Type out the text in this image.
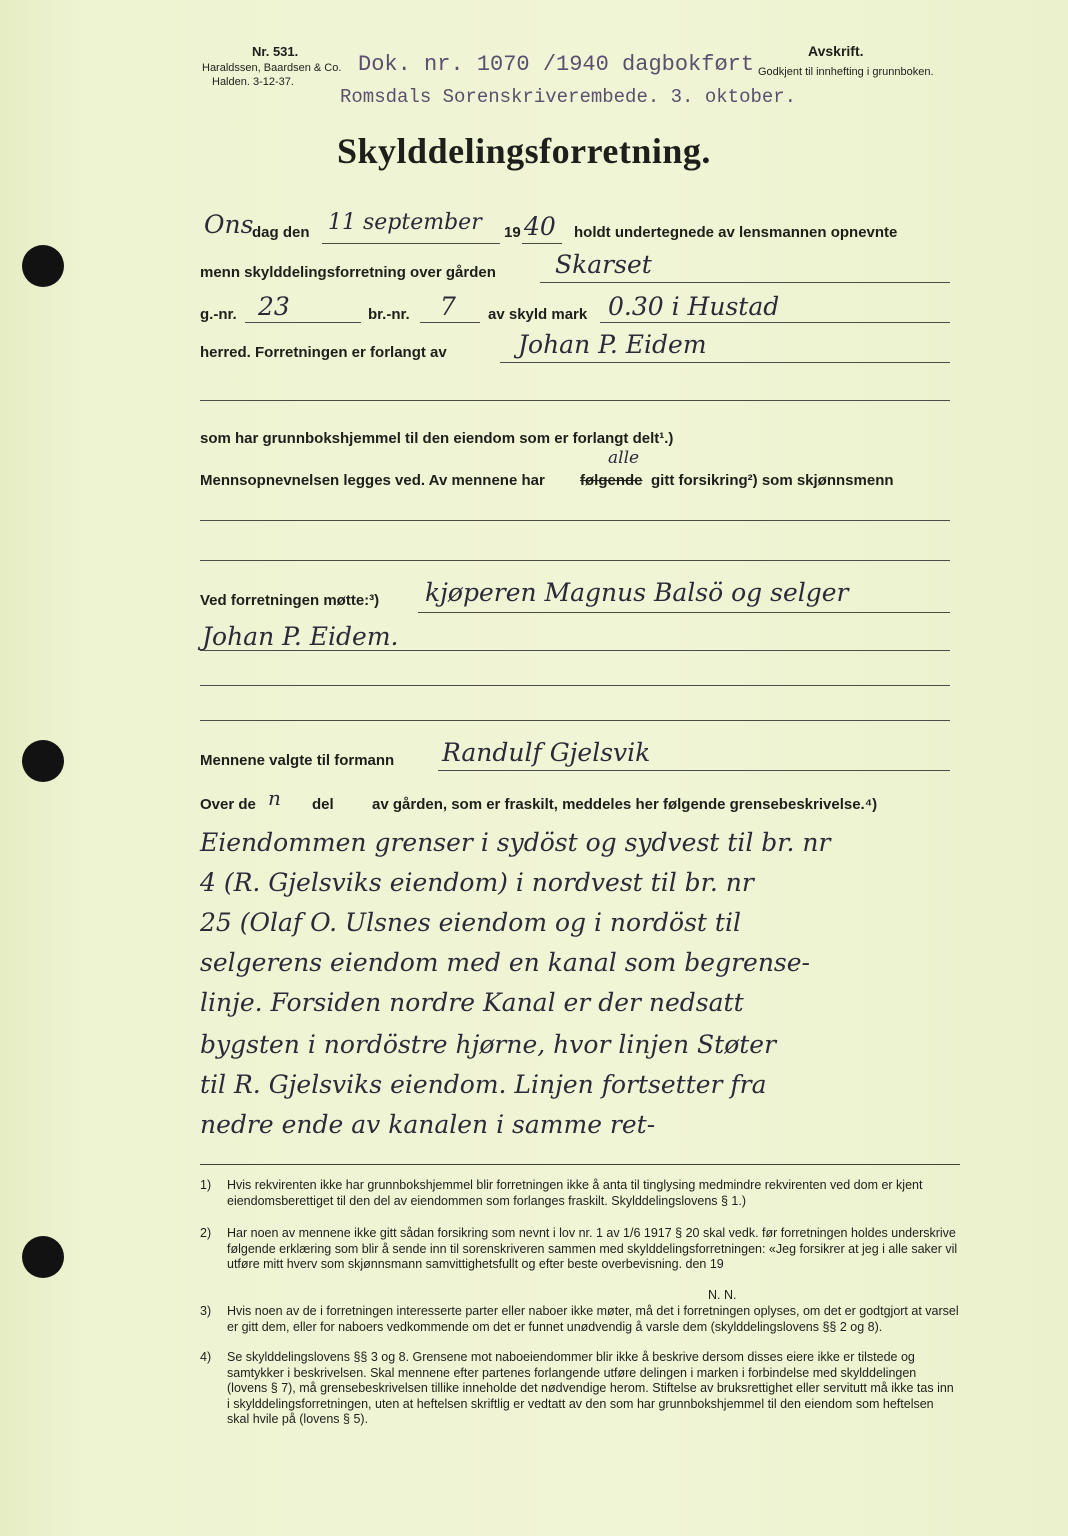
Nr. 531.
Haraldssen, Baardsen & Co.
Halden. 3-12-37.
Dok. nr. 1070 /1940 dagbokført
Romsdals Sorenskriverembede. 3. oktober.
Avskrift.
Godkjent til innhefting i grunnboken.
Skylddelingsforretning.
Ons
dag den 11 september 19 40 holdt undertegnede av lensmannen opnevnte
menn skylddelingsforretning over gården Skarset
g.-nr. 23	br.-nr. 7 av skyld mark 0.30 i Hustad
herred. Forretningen er forlangt av	Johan P. Eidem
som har grunnbokshjemmel til den eiendom som er forlangt delt¹.)
Mennsopnevnelsen legges ved. Av mennene har følgende
alle
gitt forsikring²) som skjønnsmenn
Ved forretningen møtte:³) kjøperen Magnus Balsö og selger
Johan P. Eidem.
Mennene valgte til formann Randulf Gjelsvik
Over de n del	av gården, som er fraskilt, meddeles her følgende grensebeskrivelse.⁴)
Eiendommen grenser i sydöst og sydvest til br. nr
4 (R. Gjelsviks eiendom) i nordvest til br. nr
25 (Olaf O. Ulsnes eiendom og i nordöst til
selgerens eiendom med en kanal som begrense-
linje. Forsiden nordre Kanal er der nedsatt
bygsten i nordöstre hjørne, hvor linjen Støter
til R. Gjelsviks eiendom. Linjen fortsetter fra
nedre ende av kanalen i samme ret-
1) Hvis rekvirenten ikke har grunnbokshjemmel blir forretningen ikke å anta til tinglysing medmindre rekvirenten ved dom er kjent eiendomsberettiget til den del av eiendommen som forlanges fraskilt. Skylddelingslovens § 1.)
2) Har noen av mennene ikke gitt sådan forsikring som nevnt i lov nr. 1 av 1/6 1917 § 20 skal vedk. før forretningen holdes underskrive følgende erklæring som blir å sende inn til sorenskriveren sammen med skylddelingsforretningen: «Jeg forsikrer at jeg i alle saker vil utføre mitt hverv som skjønnsmann samvittighetsfullt og efter beste overbevisning. den 19
N. N.
3) Hvis noen av de i forretningen interesserte parter eller naboer ikke møter, må det i forretningen oplyses, om det er godtgjort at varsel er gitt dem, eller for naboers vedkommende om det er funnet unødvendig å varsle dem (skylddelingslovens §§ 2 og 8).
4) Se skylddelingslovens §§ 3 og 8. Grensene mot naboeiendommer blir ikke å beskrive dersom disses eiere ikke er tilstede og samtykker i beskrivelsen. Skal mennene efter partenes forlangende utføre delingen i marken i forbindelse med skylddelingen (lovens § 7), må grensebeskrivelsen tillike inneholde det nødvendige herom. Stiftelse av bruksrettighet eller servitutt må ikke tas inn i skylddelingsforretningen, uten at heftelsen skriftlig er vedtatt av den som har grunnbokshjemmel til den eiendom som heftelsen skal hvile på (lovens § 5).
